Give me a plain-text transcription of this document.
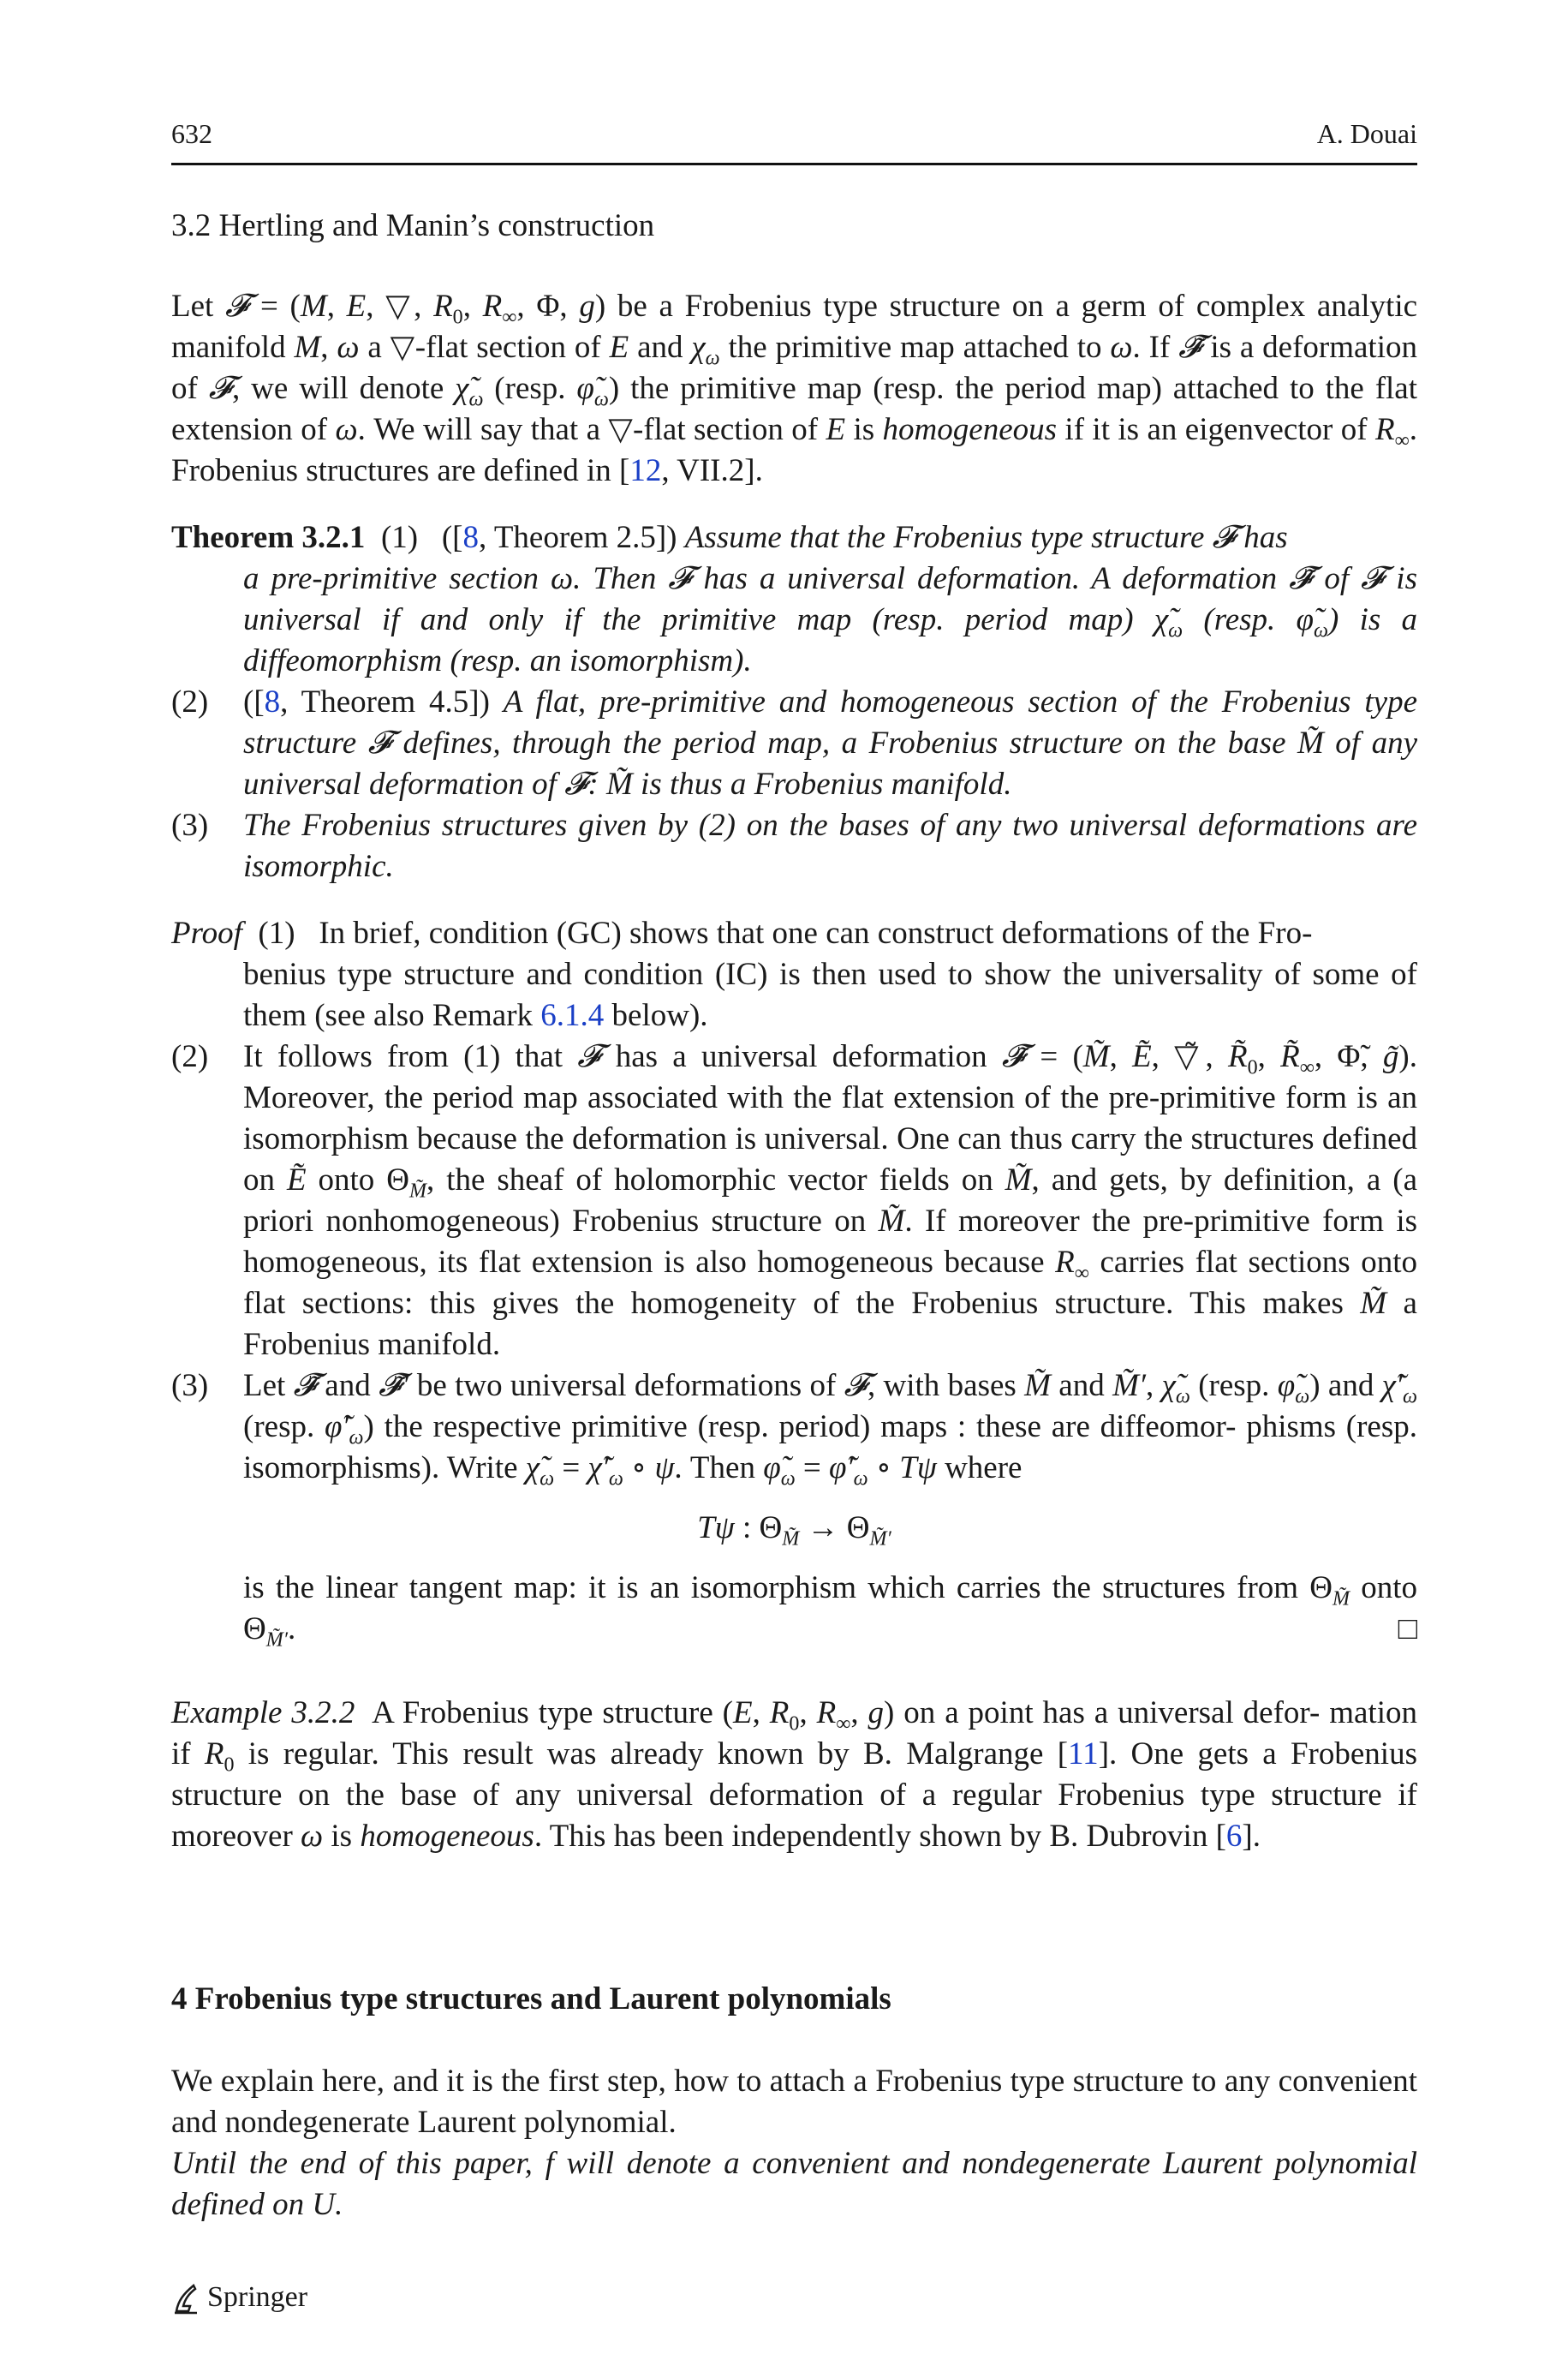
632	A. Douai
3.2 Hertling and Manin’s construction

Let 𝓕 = (M, E, ▽, $R_0$, $R_\infty$, Φ, g) be a Frobenius type structure on a germ of complex analytic manifold M, ω a ▽-flat section of E and $\chi_\omega$ the primitive map attached to ω. If 𝓕̃ is a deformation of 𝓕, we will denote $\chĩ_\omega$ (resp. $\varphĩ_\omega$) the primitive map (resp. the period map) attached to the flat extension of ω. We will say that a ▽-flat section of E is homogeneous if it is an eigenvector of $R_\infty$. Frobenius structures are defined in [12, VII.2].

Theorem 3.2.1  (1)   ([8, Theorem 2.5]) Assume that the Frobenius type structure 𝓕 has

a pre-primitive section ω. Then 𝓕 has a universal deformation. A deformation 𝓕̃ of 𝓕 is universal if and only if the primitive map (resp. period map) $\chĩ_\omega$ (resp. $\varphĩ_\omega$) is a diffeomorphism (resp. an isomorphism).

(2)	([8, Theorem 4.5]) A flat, pre-primitive and homogeneous section of the Frobenius type structure 𝓕 defines, through the period map, a Frobenius structure on the base M̃ of any universal deformation of 𝓕: M̃ is thus a Frobenius manifold.
(3)	The Frobenius structures given by (2) on the bases of any two universal deformations are isomorphic.

Proof  (1)   In brief, condition (GC) shows that one can construct deformations of the Fro-

benius type structure and condition (IC) is then used to show the universality of some of them (see also Remark 6.1.4 below).

(2)	It follows from (1) that 𝓕 has a universal deformation 𝓕̃ = (M̃, Ẽ, ▽̃, $R̃_0$, $R̃_\infty$, Φ̃, g̃). Moreover, the period map associated with the flat extension of the pre-primitive form is an isomorphism because the deformation is universal. One can thus carry the structures defined on Ẽ onto $\Theta_{M̃}$, the sheaf of holomorphic vector fields on M̃, and gets, by definition, a (a priori nonhomogeneous) Frobenius structure on M̃. If moreover the pre-primitive form is homogeneous, its flat extension is also homogeneous because $R_\infty$ carries flat sections onto flat sections: this gives the homogeneity of the Frobenius structure. This makes M̃ a Frobenius manifold.
(3)	Let 𝓕̃ and 𝓕̃′ be two universal deformations of 𝓕, with bases M̃ and M̃′, $\chĩ_\omega$ (resp. $\varphĩ_\omega$) and $\chĩ'_\omega$ (resp. $\varphĩ'_\omega$) the respective primitive (resp. period) maps : these are diffeomor- phisms (resp. isomorphisms). Write $\chĩ_\omega$ = $\chĩ'_\omega$ ∘ ψ. Then $\varphĩ_\omega$ = $\varphĩ'_\omega$ ∘ Tψ where
Tψ : $\Theta_{M̃} \to \Theta_{M̃'}$

is the linear tangent map: it is an isomorphism which carries the structures from $\Theta_{M̃}$ onto $\Theta_{M̃'}$.	□

Example 3.2.2  A Frobenius type structure (E, $R_0$, $R_\infty$, g) on a point has a universal defor- mation if $R_0$ is regular. This result was already known by B. Malgrange [11]. One gets a Frobenius structure on the base of any universal deformation of a regular Frobenius type structure if moreover ω is homogeneous. This has been independently shown by B. Dubrovin [6].

4 Frobenius type structures and Laurent polynomials

We explain here, and it is the first step, how to attach a Frobenius type structure to any convenient and nondegenerate Laurent polynomial.

Until the end of this paper, f will denote a convenient and nondegenerate Laurent polynomial defined on U.

Springer
